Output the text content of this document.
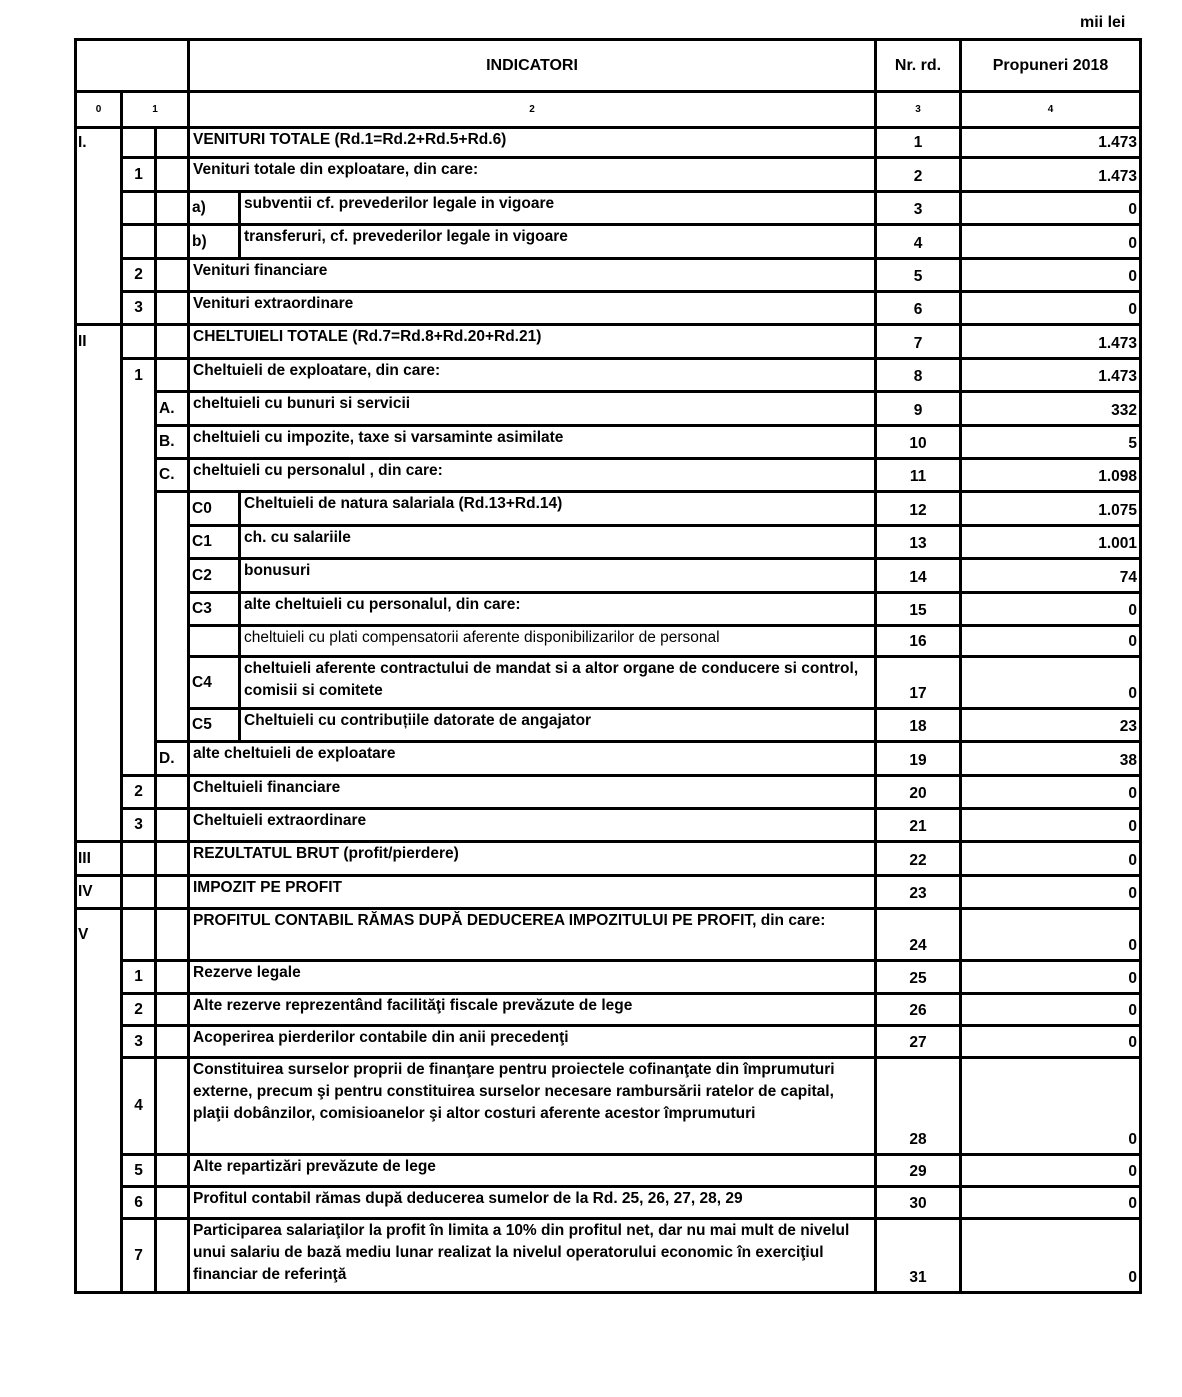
mii lei
			INDICATORI		Nr. rd.	Propuneri 2018
0	1		2		3	4
I.			VENITURI TOTALE (Rd.1=Rd.2+Rd.5+Rd.6)		1	1.473
	1		Venituri totale din exploatare, din care:		2	1.473
			a)	subventii cf. prevederilor legale in vigoare	3	0
			b)	transferuri, cf. prevederilor legale in vigoare	4	0
	2		Venituri financiare		5	0
	3		Venituri extraordinare		6	0
II			CHELTUIELI TOTALE (Rd.7=Rd.8+Rd.20+Rd.21)		7	1.473
	1		Cheltuieli de exploatare, din care:		8	1.473
		A.	cheltuieli cu bunuri si servicii		9	332
		B.	cheltuieli cu impozite, taxe si varsaminte asimilate		10	5
		C.	cheltuieli cu personalul , din care:		11	1.098
			C0	Cheltuieli de natura salariala (Rd.13+Rd.14)	12	1.075
			C1	ch. cu salariile	13	1.001
			C2	bonusuri	14	74
			C3	alte cheltuieli cu personalul, din care:	15	0
				cheltuieli cu plati compensatorii aferente disponibilizarilor de personal	16	0
			C4	cheltuieli aferente contractului de mandat si a altor organe de conducere si control, comisii si comitete	17	0
			C5	Cheltuieli cu contribuțiile datorate de angajator	18	23
		D.	alte cheltuieli de exploatare		19	38
	2		Cheltuieli financiare		20	0
	3		Cheltuieli extraordinare		21	0
III			REZULTATUL BRUT (profit/pierdere)		22	0
IV			IMPOZIT PE PROFIT		23	0
V			PROFITUL CONTABIL RĂMAS DUPĂ DEDUCEREA IMPOZITULUI PE PROFIT, din care:		24	0
	1		Rezerve legale		25	0
	2		Alte rezerve reprezentând facilităţi fiscale prevăzute de lege		26	0
	3		Acoperirea pierderilor contabile din anii precedenţi		27	0
	4		Constituirea surselor proprii de finanţare pentru proiectele cofinanţate din împrumuturi externe, precum şi pentru constituirea surselor necesare rambursării ratelor de capital, plaţii dobânzilor, comisioanelor şi altor costuri aferente acestor împrumuturi		28	0
	5		Alte repartizări prevăzute de lege		29	0
	6		Profitul contabil rămas după deducerea sumelor de la Rd. 25, 26, 27, 28, 29		30	0
	7		Participarea salariaţilor la profit în limita a 10% din profitul net, dar nu mai mult de nivelul unui salariu de bază mediu lunar realizat la nivelul operatorului economic în exerciţiul financiar de referinţă		31	0
